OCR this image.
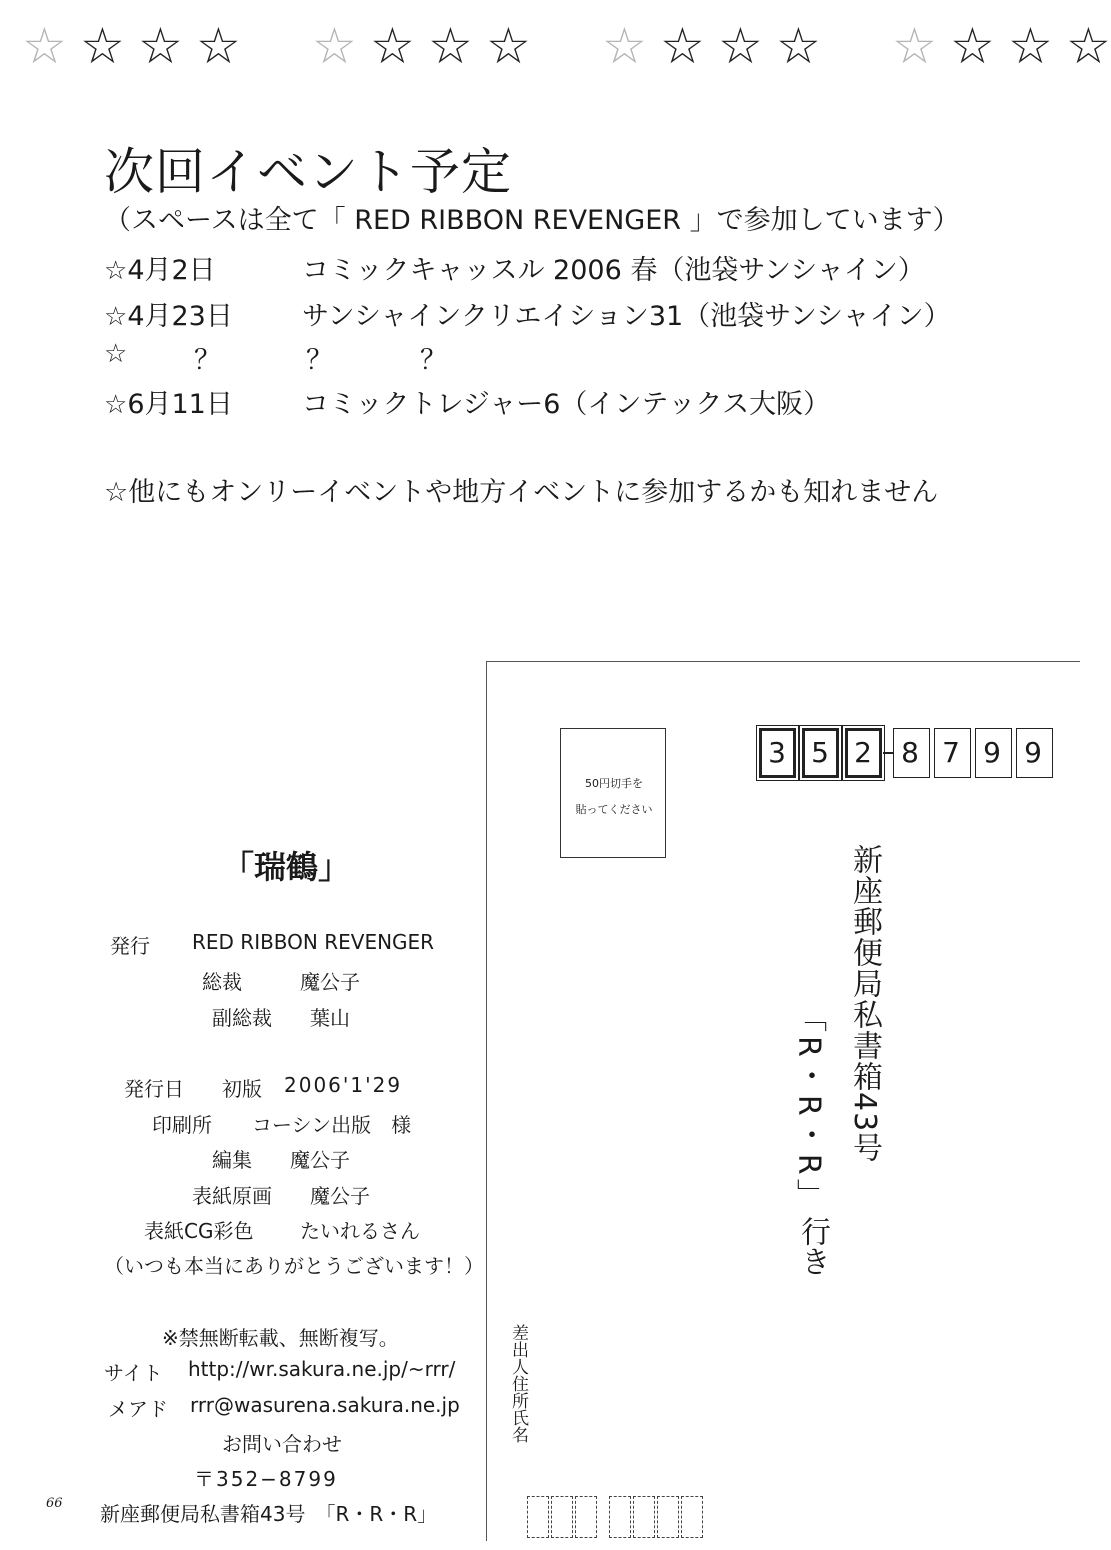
☆ ☆ ☆ ☆ ☆ ☆ ☆ ☆ ☆ ☆ ☆ ☆ ☆ ☆ ☆ ☆
次回イベント予定
（スペースは全て「 RED RIBBON REVENGER 」で参加しています）
☆4月2日	コミックキャッスル 2006 春（池袋サンシャイン）
☆4月23日	サンシャインクリエイション31（池袋サンシャイン）
☆ ？	？	？
☆6月11日	コミックトレジャー6（インテックス大阪）
☆他にもオンリーイベントや地方イベントに参加するかも知れません
50円切手を
貼ってください
3 5 2	8 7 9 9
新座郵便局私書箱43号
「R・R・R」
行き
差出人住所氏名
「瑞鶴」
発行 RED RIBBON REVENGER
総裁	魔公子
副総裁 葉山
発行日 初版 2006'1'29
印刷所 コーシン出版　様
編集 魔公子
表紙原画 魔公子
表紙CG彩色 たいれるさん
（いつも本当にありがとうございます！）
※禁無断転載、無断複写。
サイト http://wr.sakura.ne.jp/~rrr/
メアド rrr@wasurena.sakura.ne.jp
お問い合わせ
〒352−8799
新座郵便局私書箱43号　「R・R・R」
66
